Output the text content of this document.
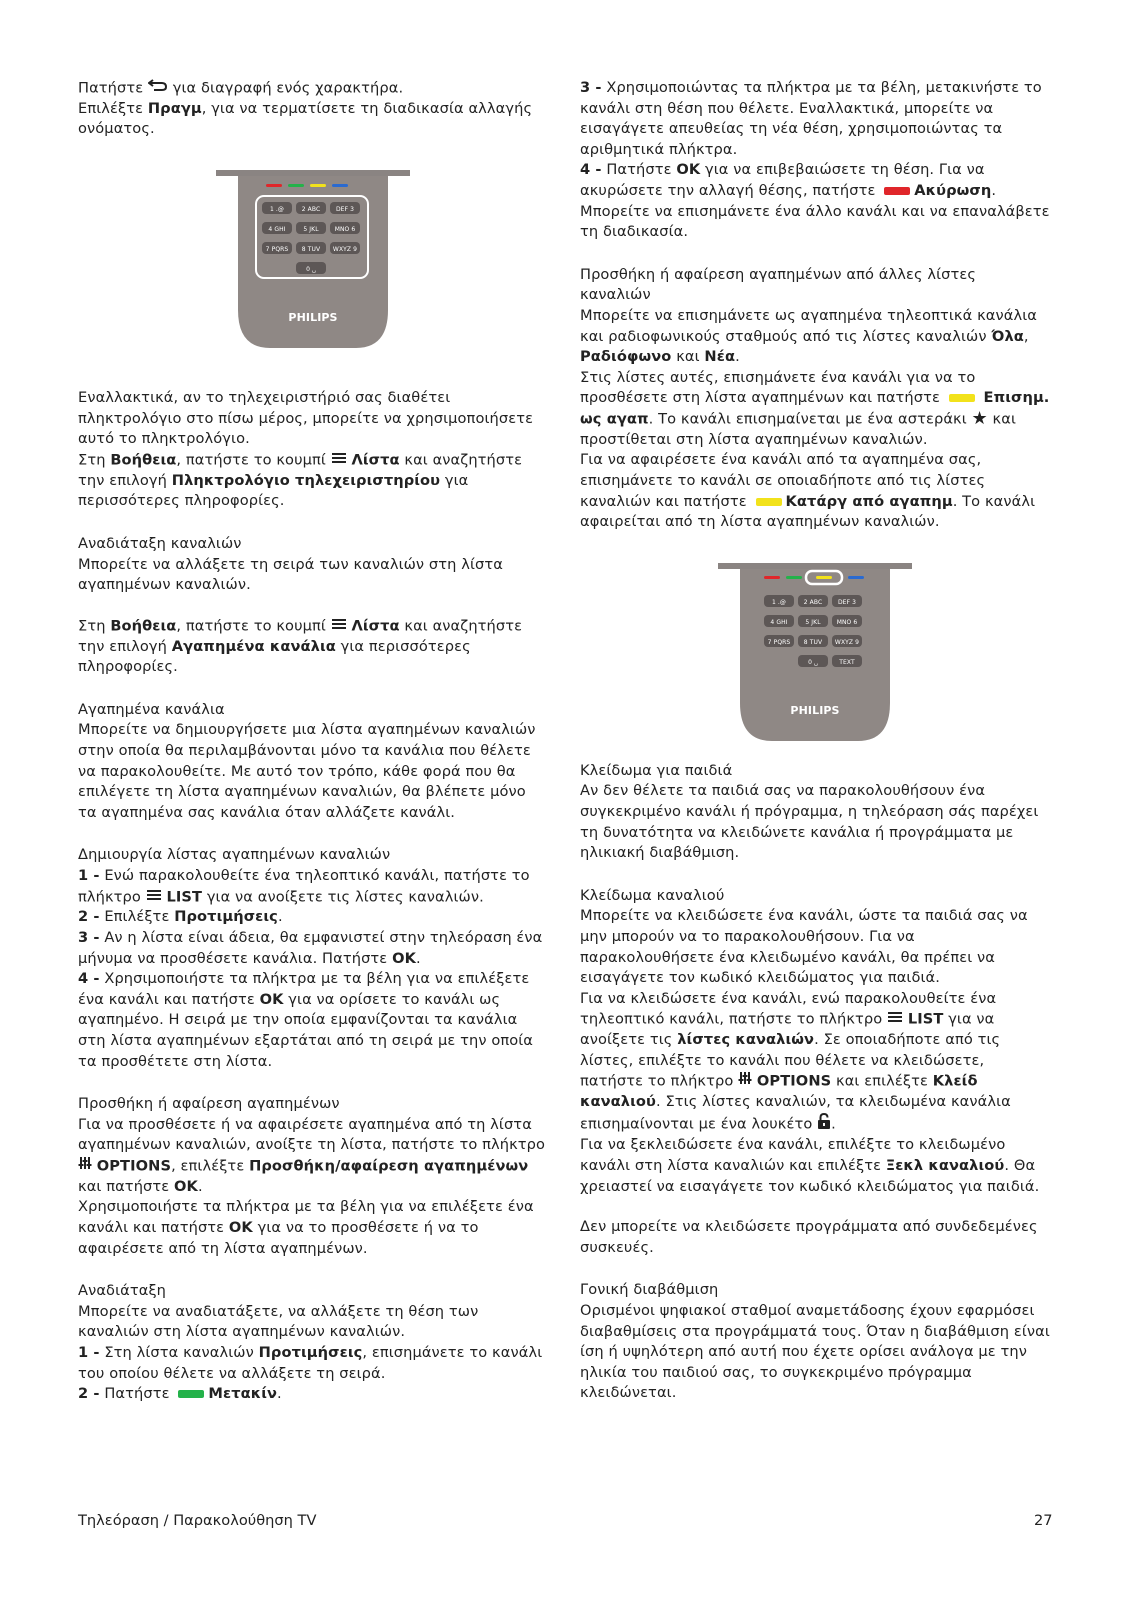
Πατήστε για διαγραφή ενός χαρακτήρα.

Επιλέξτε Πραγμ, για να τερματίσετε τη διαδικασία αλλαγής ονόματος.

1 .@	2 ABC	DEF 3
4 GHI	5 JKL	MNO 6
7 PQRS 8 TUV WXYZ 9
0 ␣
PHILIPS

Εναλλακτικά, αν το τηλεχειριστήριό σας διαθέτει πληκτρολόγιο στο πίσω μέρος, μπορείτε να χρησιμοποιήσετε αυτό το πληκτρολόγιο.

Στη Βοήθεια, πατήστε το κουμπί Λίστα και αναζητήστε την επιλογή Πληκτρολόγιο τηλεχειριστηρίου για περισσότερες πληροφορίες.

Αναδιάταξη καναλιών

Μπορείτε να αλλάξετε τη σειρά των καναλιών στη λίστα αγαπημένων καναλιών.

Στη Βοήθεια, πατήστε το κουμπί Λίστα και αναζητήστε την επιλογή Αγαπημένα κανάλια για περισσότερες πληροφορίες.

Αγαπημένα κανάλια

Μπορείτε να δημιουργήσετε μια λίστα αγαπημένων καναλιών στην οποία θα περιλαμβάνονται μόνο τα κανάλια που θέλετε να παρακολουθείτε. Με αυτό τον τρόπο, κάθε φορά που θα επιλέγετε τη λίστα αγαπημένων καναλιών, θα βλέπετε μόνο τα αγαπημένα σας κανάλια όταν αλλάζετε κανάλι.

Δημιουργία λίστας αγαπημένων καναλιών

1 - Ενώ παρακολουθείτε ένα τηλεοπτικό κανάλι, πατήστε το πλήκτρο LIST για να ανοίξετε τις λίστες καναλιών.

2 - Επιλέξτε Προτιμήσεις.

3 - Αν η λίστα είναι άδεια, θα εμφανιστεί στην τηλεόραση ένα μήνυμα να προσθέσετε κανάλια. Πατήστε OK.

4 - Χρησιμοποιήστε τα πλήκτρα με τα βέλη για να επιλέξετε ένα κανάλι και πατήστε OK για να ορίσετε το κανάλι ως αγαπημένο. Η σειρά με την οποία εμφανίζονται τα κανάλια στη λίστα αγαπημένων εξαρτάται από τη σειρά με την οποία τα προσθέτετε στη λίστα.

Προσθήκη ή αφαίρεση αγαπημένων

Για να προσθέσετε ή να αφαιρέσετε αγαπημένα από τη λίστα αγαπημένων καναλιών, ανοίξτε τη λίστα, πατήστε το πλήκτρο  OPTIONS, επιλέξτε Προσθήκη/αφαίρεση αγαπημένων και πατήστε OK.

Χρησιμοποιήστε τα πλήκτρα με τα βέλη για να επιλέξετε ένα κανάλι και πατήστε OK για να το προσθέσετε ή να το αφαιρέσετε από τη λίστα αγαπημένων.

Αναδιάταξη

Μπορείτε να αναδιατάξετε, να αλλάξετε τη θέση των καναλιών στη λίστα αγαπημένων καναλιών.

1 - Στη λίστα καναλιών Προτιμήσεις, επισημάνετε το κανάλι του οποίου θέλετε να αλλάξετε τη σειρά.

2 - Πατήστε	Μετακίν.

3 - Χρησιμοποιώντας τα πλήκτρα με τα βέλη, μετακινήστε το κανάλι στη θέση που θέλετε. Εναλλακτικά, μπορείτε να εισαγάγετε απευθείας τη νέα θέση, χρησιμοποιώντας τα αριθμητικά πλήκτρα.

4 - Πατήστε OK για να επιβεβαιώσετε τη θέση. Για να ακυρώσετε την αλλαγή θέσης, πατήστε	Ακύρωση.

Μπορείτε να επισημάνετε ένα άλλο κανάλι και να επαναλάβετε τη διαδικασία.

Προσθήκη ή αφαίρεση αγαπημένων από άλλες λίστες καναλιών

Μπορείτε να επισημάνετε ως αγαπημένα τηλεοπτικά κανάλια και ραδιοφωνικούς σταθμούς από τις λίστες καναλιών Όλα, Ραδιόφωνο και Νέα.

Στις λίστες αυτές, επισημάνετε ένα κανάλι για να το προσθέσετε στη λίστα αγαπημένων και πατήστε	Επισημ. ως αγαπ. Το κανάλι επισημαίνεται με ένα αστεράκι ★ και προστίθεται στη λίστα αγαπημένων καναλιών.

Για να αφαιρέσετε ένα κανάλι από τα αγαπημένα σας, επισημάνετε το κανάλι σε οποιαδήποτε από τις λίστες καναλιών και πατήστε	Κατάργ από αγαπημ. Το κανάλι αφαιρείται από τη λίστα αγαπημένων καναλιών.

1 .@	2 ABC	DEF 3
4 GHI	5 JKL	MNO 6
7 PQRS 8 TUV WXYZ 9
0 ␣	TEXT
PHILIPS

Κλείδωμα για παιδιά

Αν δεν θέλετε τα παιδιά σας να παρακολουθήσουν ένα συγκεκριμένο κανάλι ή πρόγραμμα, η τηλεόραση σάς παρέχει τη δυνατότητα να κλειδώνετε κανάλια ή προγράμματα με ηλικιακή διαβάθμιση.

Κλείδωμα καναλιού

Μπορείτε να κλειδώσετε ένα κανάλι, ώστε τα παιδιά σας να μην μπορούν να το παρακολουθήσουν. Για να παρακολουθήσετε ένα κλειδωμένο κανάλι, θα πρέπει να εισαγάγετε τον κωδικό κλειδώματος για παιδιά.

Για να κλειδώσετε ένα κανάλι, ενώ παρακολουθείτε ένα τηλεοπτικό κανάλι, πατήστε το πλήκτρο LIST για να ανοίξετε τις λίστες καναλιών. Σε οποιαδήποτε από τις λίστες, επιλέξτε το κανάλι που θέλετε να κλειδώσετε, πατήστε το πλήκτρο OPTIONS και επιλέξτε Κλείδ καναλιού. Στις λίστες καναλιών, τα κλειδωμένα κανάλια επισημαίνονται με ένα λουκέτο .

Για να ξεκλειδώσετε ένα κανάλι, επιλέξτε το κλειδωμένο κανάλι στη λίστα καναλιών και επιλέξτε Ξεκλ καναλιού. Θα χρειαστεί να εισαγάγετε τον κωδικό κλειδώματος για παιδιά.

Δεν μπορείτε να κλειδώσετε προγράμματα από συνδεδεμένες συσκευές.

Γονική διαβάθμιση

Ορισμένοι ψηφιακοί σταθμοί αναμετάδοσης έχουν εφαρμόσει διαβαθμίσεις στα προγράμματά τους. Όταν η διαβάθμιση είναι ίση ή υψηλότερη από αυτή που έχετε ορίσει ανάλογα με την ηλικία του παιδιού σας, το συγκεκριμένο πρόγραμμα κλειδώνεται.

Τηλεόραση / Παρακολούθηση TV	27
